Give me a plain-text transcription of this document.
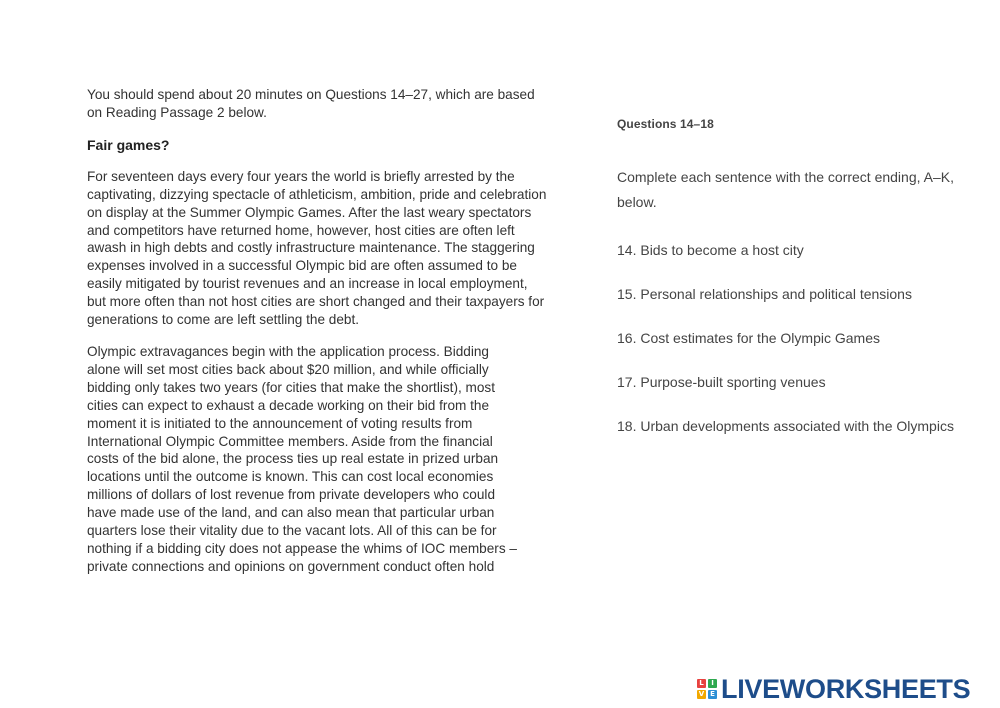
You should spend about 20 minutes on Questions 14–27, which are based
on Reading Passage 2 below.
Fair games?
For seventeen days every four years the world is briefly arrested by the
captivating, dizzying spectacle of athleticism, ambition, pride and celebration
on display at the Summer Olympic Games. After the last weary spectators
and competitors have returned home, however, host cities are often left
awash in high debts and costly infrastructure maintenance. The staggering
expenses involved in a successful Olympic bid are often assumed to be
easily mitigated by tourist revenues and an increase in local employment,
but more often than not host cities are short changed and their taxpayers for
generations to come are left settling the debt.
Olympic extravagances begin with the application process. Bidding
alone will set most cities back about $20 million, and while officially
bidding only takes two years (for cities that make the shortlist), most
cities can expect to exhaust a decade working on their bid from the
moment it is initiated to the announcement of voting results from
International Olympic Committee members. Aside from the financial
costs of the bid alone, the process ties up real estate in prized urban
locations until the outcome is known. This can cost local economies
millions of dollars of lost revenue from private developers who could
have made use of the land, and can also mean that particular urban
quarters lose their vitality due to the vacant lots. All of this can be for
nothing if a bidding city does not appease the whims of IOC members –
private connections and opinions on government conduct often hold
Questions 14–18
Complete each sentence with the correct ending, A–K,
below.
14. Bids to become a host city
15. Personal relationships and political tensions
16. Cost estimates for the Olympic Games
17. Purpose-built sporting venues
18. Urban developments associated with the Olympics
L	I
V E LIVEWORKSHEETS
